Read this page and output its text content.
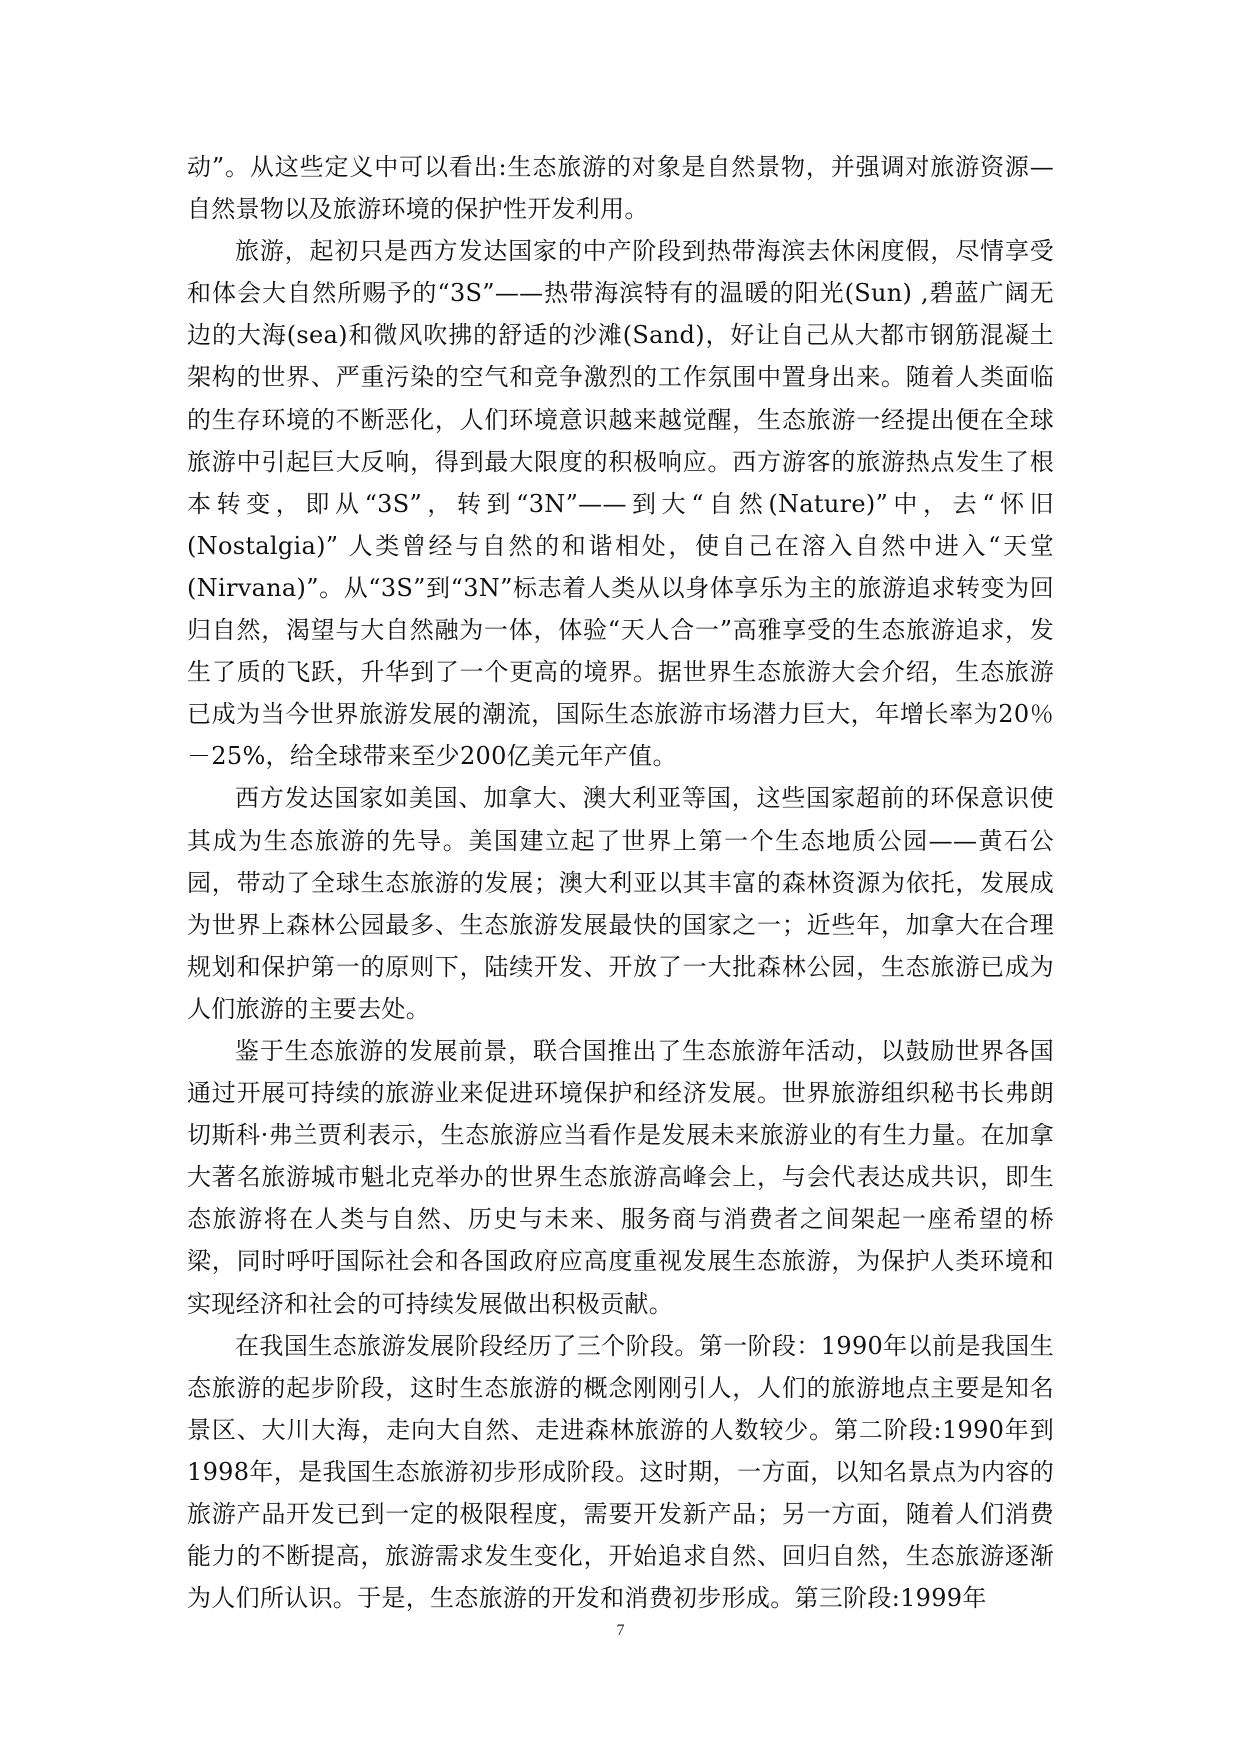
动”。从这些定义中可以看出:生态旅游的对象是自然景物，并强调对旅游资源—自然景物以及旅游环境的保护性开发利用。

旅游，起初只是西方发达国家的中产阶段到热带海滨去休闲度假，尽情享受和体会大自然所赐予的“3S”——热带海滨特有的温暖的阳光(Sun) ,碧蓝广阔无边的大海(sea)和微风吹拂的舒适的沙滩(Sand)，好让自己从大都市钢筋混凝土架构的世界、严重污染的空气和竞争激烈的工作氛围中置身出来。随着人类面临的生存环境的不断恶化，人们环境意识越来越觉醒，生态旅游一经提出便在全球旅游中引起巨大反响，得到最大限度的积极响应。西方游客的旅游热点发生了根本转变，即从“3S”，转到“3N”——到大“自然(Nature)”中，去“怀旧(Nostalgia)” 人类曾经与自然的和谐相处，使自己在溶入自然中进入“天堂(Nirvana)”。从“3S”到“3N”标志着人类从以身体享乐为主的旅游追求转变为回归自然，渴望与大自然融为一体，体验“天人合一”高雅享受的生态旅游追求，发生了质的飞跃，升华到了一个更高的境界。据世界生态旅游大会介绍，生态旅游已成为当今世界旅游发展的潮流，国际生态旅游市场潜力巨大，年增长率为20％－25%，给全球带来至少200亿美元年产值。

西方发达国家如美国、加拿大、澳大利亚等国，这些国家超前的环保意识使其成为生态旅游的先导。美国建立起了世界上第一个生态地质公园——黄石公园，带动了全球生态旅游的发展；澳大利亚以其丰富的森林资源为依托，发展成为世界上森林公园最多、生态旅游发展最快的国家之一；近些年，加拿大在合理规划和保护第一的原则下，陆续开发、开放了一大批森林公园，生态旅游已成为人们旅游的主要去处。

鉴于生态旅游的发展前景，联合国推出了生态旅游年活动，以鼓励世界各国通过开展可持续的旅游业来促进环境保护和经济发展。世界旅游组织秘书长弗朗切斯科·弗兰贾利表示，生态旅游应当看作是发展未来旅游业的有生力量。在加拿大著名旅游城市魁北克举办的世界生态旅游高峰会上，与会代表达成共识，即生态旅游将在人类与自然、历史与未来、服务商与消费者之间架起一座希望的桥梁，同时呼吁国际社会和各国政府应高度重视发展生态旅游，为保护人类环境和实现经济和社会的可持续发展做出积极贡献。

在我国生态旅游发展阶段经历了三个阶段。第一阶段：1990年以前是我国生态旅游的起步阶段，这时生态旅游的概念刚刚引人，人们的旅游地点主要是知名景区、大川大海，走向大自然、走进森林旅游的人数较少。第二阶段:1990年到1998年，是我国生态旅游初步形成阶段。这时期，一方面，以知名景点为内容的旅游产品开发已到一定的极限程度，需要开发新产品；另一方面，随着人们消费能力的不断提高，旅游需求发生变化，开始追求自然、回归自然，生态旅游逐渐为人们所认识。于是，生态旅游的开发和消费初步形成。第三阶段:1999年

7
